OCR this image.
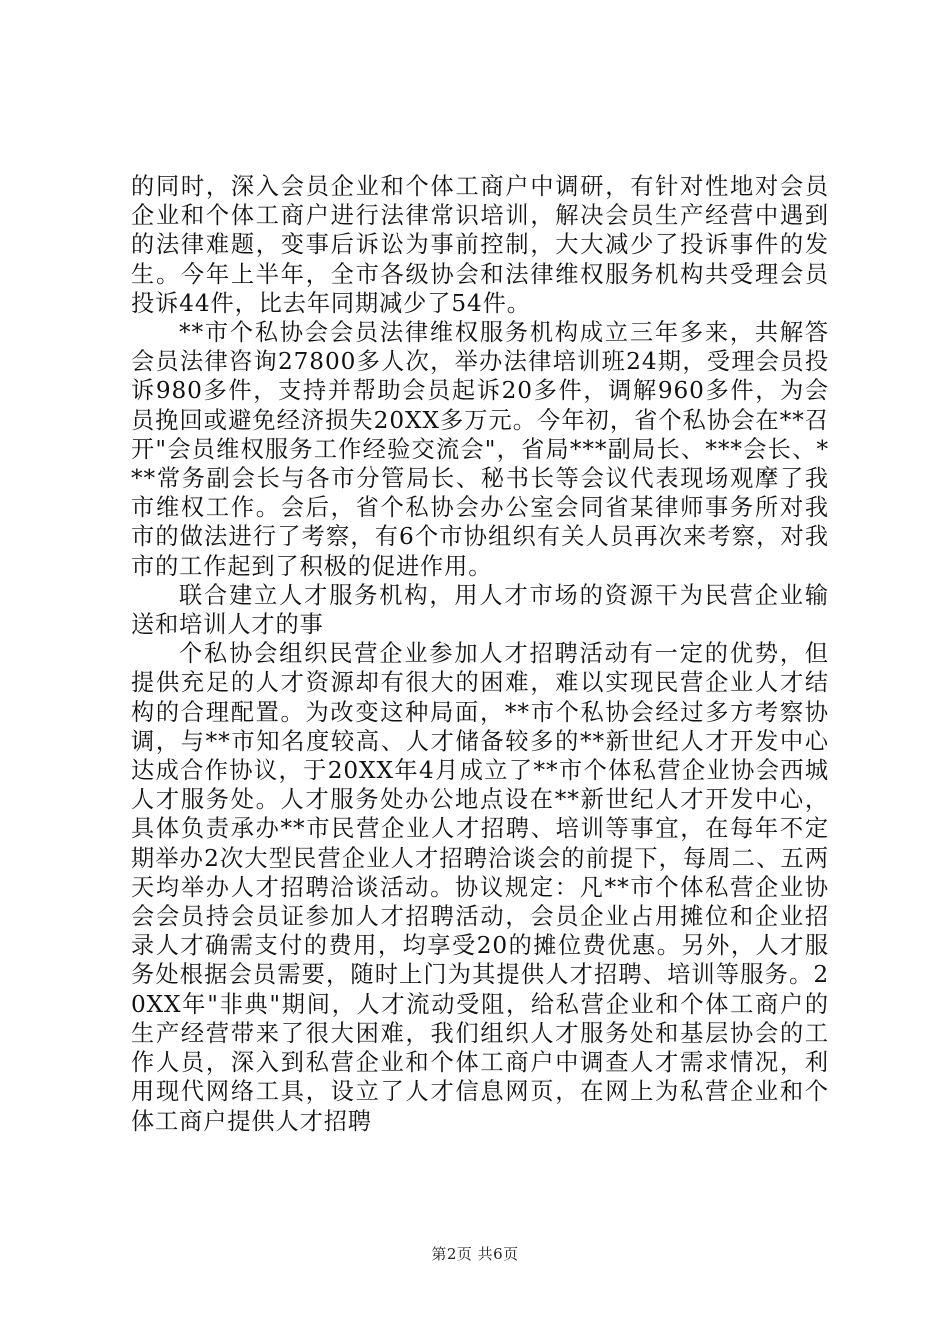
的同时，深入会员企业和个体工商户中调研，有针对性地对会员企业和个体工商户进行法律常识培训，解决会员生产经营中遇到的法律难题，变事后诉讼为事前控制，大大减少了投诉事件的发生。今年上半年，全市各级协会和法律维权服务机构共受理会员投诉44件，比去年同期减少了54件。

**市个私协会会员法律维权服务机构成立三年多来，共解答会员法律咨询27800多人次，举办法律培训班24期，受理会员投诉980多件，支持并帮助会员起诉20多件，调解960多件，为会员挽回或避免经济损失20XX多万元。今年初，省个私协会在**召开"会员维权服务工作经验交流会"，省局***副局长、***会长、***常务副会长与各市分管局长、秘书长等会议代表现场观摩了我市维权工作。会后，省个私协会办公室会同省某律师事务所对我市的做法进行了考察，有6个市协组织有关人员再次来考察，对我市的工作起到了积极的促进作用。

联合建立人才服务机构，用人才市场的资源干为民营企业输送和培训人才的事

个私协会组织民营企业参加人才招聘活动有一定的优势，但提供充足的人才资源却有很大的困难，难以实现民营企业人才结构的合理配置。为改变这种局面，**市个私协会经过多方考察协调，与**市知名度较高、人才储备较多的**新世纪人才开发中心达成合作协议，于20XX年4月成立了**市个体私营企业协会西城人才服务处。人才服务处办公地点设在**新世纪人才开发中心，具体负责承办**市民营企业人才招聘、培训等事宜，在每年不定期举办2次大型民营企业人才招聘洽谈会的前提下，每周二、五两天均举办人才招聘洽谈活动。协议规定：凡**市个体私营企业协会会员持会员证参加人才招聘活动，会员企业占用摊位和企业招录人才确需支付的费用，均享受20的摊位费优惠。另外，人才服务处根据会员需要，随时上门为其提供人才招聘、培训等服务。20XX年"非典"期间，人才流动受阻，给私营企业和个体工商户的生产经营带来了很大困难，我们组织人才服务处和基层协会的工作人员，深入到私营企业和个体工商户中调查人才需求情况，利用现代网络工具，设立了人才信息网页，在网上为私营企业和个体工商户提供人才招聘

第2页 共6页
